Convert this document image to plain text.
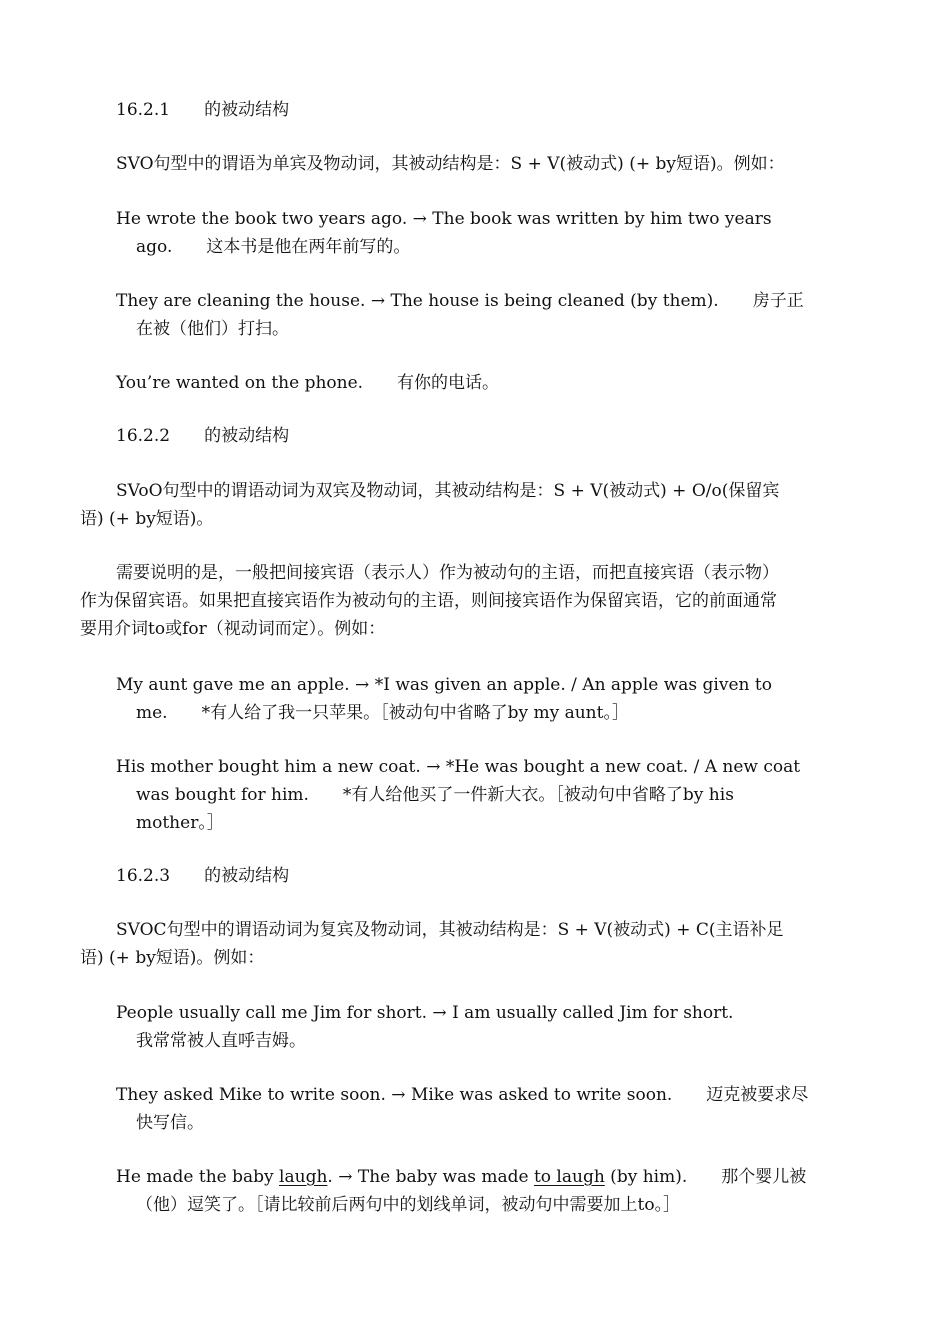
16.2.1　　的被动结构
SVO句型中的谓语为单宾及物动词，其被动结构是：S + V(被动式) (+ by短语)。例如：
He wrote the book two years ago. → The book was written by him two years
ago.　　这本书是他在两年前写的。
They are cleaning the house. → The house is being cleaned (by them).　　房子正
在被（他们）打扫。
You’re wanted on the phone.　　有你的电话。
16.2.2　　的被动结构
SVoO句型中的谓语动词为双宾及物动词，其被动结构是：S + V(被动式) + O/o(保留宾
语) (+ by短语)。
需要说明的是，一般把间接宾语（表示人）作为被动句的主语，而把直接宾语（表示物）
作为保留宾语。如果把直接宾语作为被动句的主语，则间接宾语作为保留宾语，它的前面通常
要用介词to或for（视动词而定）。例如：
My aunt gave me an apple. → *I was given an apple. / An apple was given to
me.　　*有人给了我一只苹果。［被动句中省略了by my aunt。］
His mother bought him a new coat. → *He was bought a new coat. / A new coat
was bought for him.　　*有人给他买了一件新大衣。［被动句中省略了by his
mother。］
16.2.3　　的被动结构
SVOC句型中的谓语动词为复宾及物动词，其被动结构是：S + V(被动式) + C(主语补足
语) (+ by短语)。例如：
People usually call me Jim for short. → I am usually called Jim for short.
我常常被人直呼吉姆。
They asked Mike to write soon. → Mike was asked to write soon.　　迈克被要求尽
快写信。
He made the baby laugh. → The baby was made to laugh (by him).　　那个婴儿被
（他）逗笑了。［请比较前后两句中的划线单词，被动句中需要加上to。］
